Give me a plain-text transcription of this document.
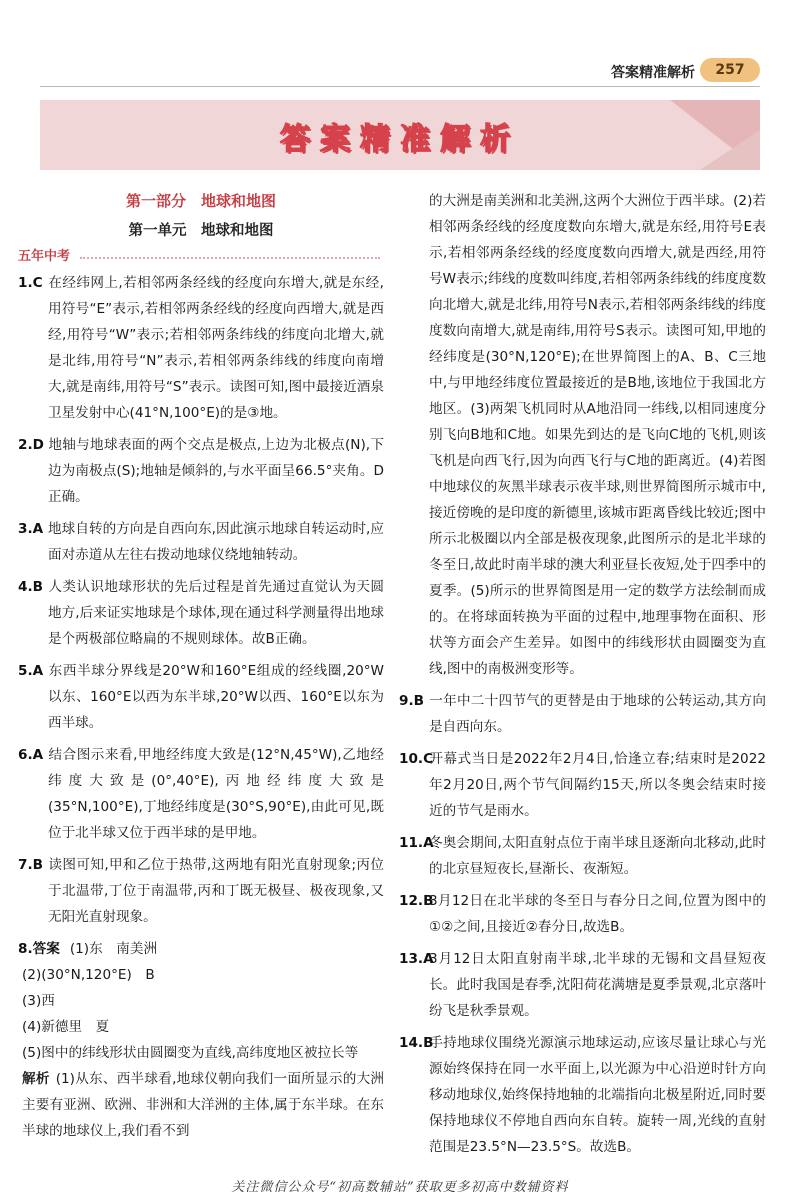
答案精准解析	257
答案精准解析
第一部分　地球和地图
第一单元　地球和地图
五年中考

1.C 在经纬网上,若相邻两条经线的经度向东增大,就是东经,用符号“E”表示,若相邻两条经线的经度向西增大,就是西经,用符号“W”表示;若相邻两条纬线的纬度向北增大,就是北纬,用符号“N”表示,若相邻两条纬线的纬度向南增大,就是南纬,用符号“S”表示。读图可知,图中最接近酒泉卫星发射中心(41°N,100°E)的是③地。

2.D 地轴与地球表面的两个交点是极点,上边为北极点(N),下边为南极点(S);地轴是倾斜的,与水平面呈66.5°夹角。D正确。

3.A 地球自转的方向是自西向东,因此演示地球自转运动时,应面对赤道从左往右拨动地球仪绕地轴转动。

4.B 人类认识地球形状的先后过程是首先通过直觉认为天圆地方,后来证实地球是个球体,现在通过科学测量得出地球是个两极部位略扁的不规则球体。故B正确。

5.A 东西半球分界线是20°W和160°E组成的经线圈,20°W以东、160°E以西为东半球,20°W以西、160°E以东为西半球。

6.A 结合图示来看,甲地经纬度大致是(12°N,45°W),乙地经纬度大致是(0°,40°E),丙地经纬度大致是(35°N,100°E),丁地经纬度是(30°S,90°E),由此可见,既位于北半球又位于西半球的是甲地。

7.B 读图可知,甲和乙位于热带,这两地有阳光直射现象;丙位于北温带,丁位于南温带,丙和丁既无极昼、极夜现象,又无阳光直射现象。

8.答案 (1)东　南美洲

(2)(30°N,120°E)　B

(3)西

(4)新德里　夏

(5)图中的纬线形状由圆圈变为直线,高纬度地区被拉长等

解析 (1)从东、西半球看,地球仪朝向我们一面所显示的大洲主要有亚洲、欧洲、非洲和大洋洲的主体,属于东半球。在东半球的地球仪上,我们看不到

的大洲是南美洲和北美洲,这两个大洲位于西半球。(2)若相邻两条经线的经度度数向东增大,就是东经,用符号E表示,若相邻两条经线的经度度数向西增大,就是西经,用符号W表示;纬线的度数叫纬度,若相邻两条纬线的纬度度数向北增大,就是北纬,用符号N表示,若相邻两条纬线的纬度度数向南增大,就是南纬,用符号S表示。读图可知,甲地的经纬度是(30°N,120°E);在世界简图上的A、B、C三地中,与甲地经纬度位置最接近的是B地,该地位于我国北方地区。(3)两架飞机同时从A地沿同一纬线,以相同速度分别飞向B地和C地。如果先到达的是飞向C地的飞机,则该飞机是向西飞行,因为向西飞行与C地的距离近。(4)若图中地球仪的灰黑半球表示夜半球,则世界简图所示城市中,接近傍晚的是印度的新德里,该城市距离昏线比较近;图中所示北极圈以内全部是极夜现象,此图所示的是北半球的冬至日,故此时南半球的澳大利亚昼长夜短,处于四季中的夏季。(5)所示的世界简图是用一定的数学方法绘制而成的。在将球面转换为平面的过程中,地理事物在面积、形状等方面会产生差异。如图中的纬线形状由圆圈变为直线,图中的南极洲变形等。

9.B 一年中二十四节气的更替是由于地球的公转运动,其方向是自西向东。

10.C开幕式当日是2022年2月4日,恰逢立春;结束时是2022年2月20日,两个节气间隔约15天,所以冬奥会结束时接近的节气是雨水。

11.A冬奥会期间,太阳直射点位于南半球且逐渐向北移动,此时的北京昼短夜长,昼渐长、夜渐短。

12.B3月12日在北半球的冬至日与春分日之间,位置为图中的①②之间,且接近②春分日,故选B。

13.A3月12日太阳直射南半球,北半球的无锡和文昌昼短夜长。此时我国是春季,沈阳荷花满塘是夏季景观,北京落叶纷飞是秋季景观。

14.B手持地球仪围绕光源演示地球运动,应该尽量让球心与光源始终保持在同一水平面上,以光源为中心沿逆时针方向移动地球仪,始终保持地轴的北端指向北极星附近,同时要保持地球仪不停地自西向东自转。旋转一周,光线的直射范围是23.5°N—23.5°S。故选B。

关注微信公众号“初高数辅站”获取更多初高中数辅资料
